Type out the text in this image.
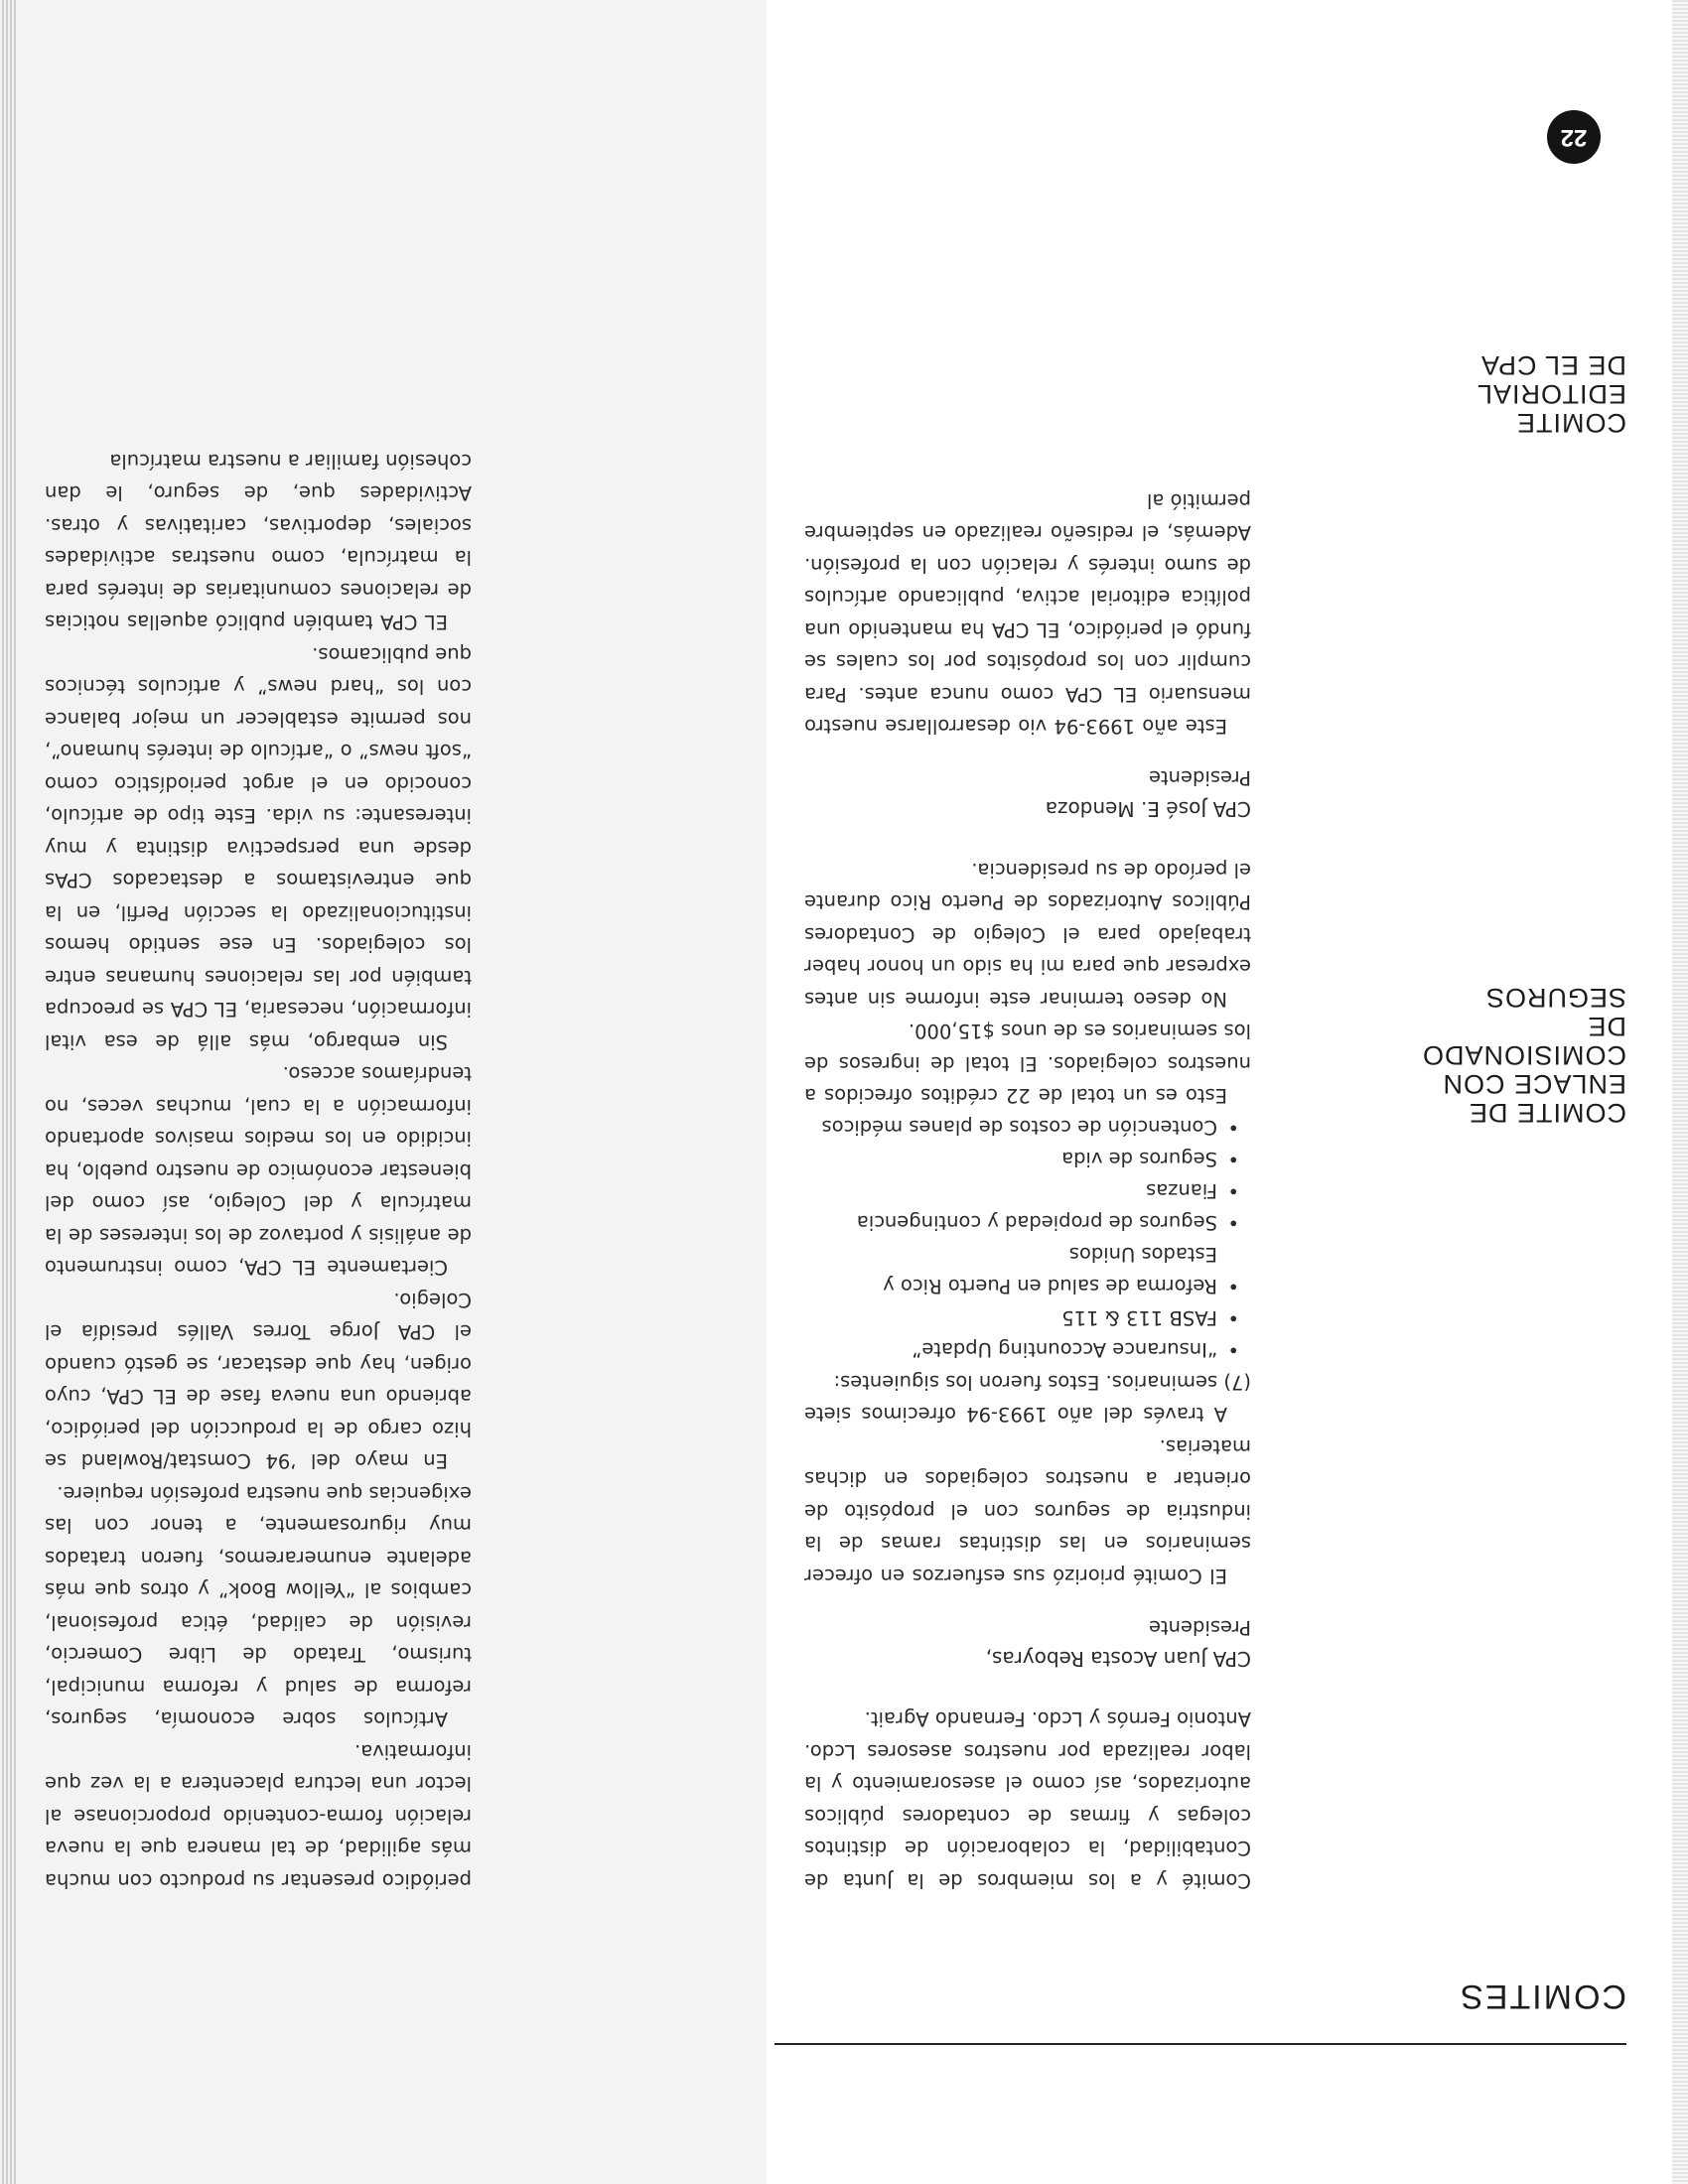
COMITES
COMITE DE
ENLACE CON
COMISIONADO
DE SEGUROS
COMITE
EDITORIAL
DE EL CPA

Comité y a los miembros de la Junta de Contabilidad, la colaboración de distintos colegas y firmas de contadores públicos autorizados, así como el asesoramiento y la labor realizada por nuestros asesores Lcdo. Antonio Fernós y Lcdo. Fernando Agrait.

CPA Juan Acosta Reboyras,
Presidente

El Comité priorizó sus esfuerzos en ofrecer seminarios en las distintas ramas de la industria de seguros con el propósito de orientar a nuestros colegiados en dichas materias.

A través del año 1993-94 ofrecimos siete (7) seminarios. Estos fueron los siguientes:

• “Insurance Accounting Update”
• FASB 113 & 115
• Reforma de salud en Puerto Rico y Estados Unidos
• Seguros de propiedad y contingencia
• Fianzas
• Seguros de vida
• Contención de costos de planes médicos

Esto es un total de 22 créditos ofrecidos a nuestros colegiados. El total de ingresos de los seminarios es de unos $15,000.

No deseo terminar este informe sin antes expresar que para mi ha sido un honor haber trabajado para el Colegio de Contadores Públicos Autorizados de Puerto Rico durante el período de su presidencia.

CPA José E. Mendoza
Presidente

Este año 1993-94 vio desarrollarse nuestro mensuario EL CPA como nunca antes. Para cumplir con los propósitos por los cuales se fundó el periódico, EL CPA ha mantenido una política editorial activa, publicando artículos de sumo interés y relación con la profesión. Además, el rediseño realizado en septiembre permitió al

periódico presentar su producto con mucha más agilidad, de tal manera que la nueva relación forma-contenido proporcionase al lector una lectura placentera a la vez que informativa.

Artículos sobre economía, seguros, reforma de salud y reforma municipal, turismo, Tratado de Libre Comercio, revisión de calidad, ética profesional, cambios al “Yellow Book” y otros que más adelante enumeraremos, fueron tratados muy rigurosamente, a tenor con las exigencias que nuestra profesión requiere.

En mayo del ’94 Comstat/Rowland se hizo cargo de la producción del periódico, abriendo una nueva fase de EL CPA, cuyo origen, hay que destacar, se gestó cuando el CPA Jorge Torres Vallés presidía el Colegio.

Ciertamente EL CPA, como instrumento de análisis y portavoz de los intereses de la matrícula y del Colegio, así como del bienestar económico de nuestro pueblo, ha incidido en los medios masivos aportando información a la cual, muchas veces, no tendríamos acceso.

Sin embargo, más allá de esa vital información, necesaria, EL CPA se preocupa también por las relaciones humanas entre los colegiados. En ese sentido hemos institucionalizado la sección Perfil, en la que entrevistamos a destacados CPAs desde una perspectiva distinta y muy interesante: su vida. Este tipo de artículo, conocido en el argot periodístico como “soft news” o “artículo de interés humano”, nos permite establecer un mejor balance con los “hard news” y artículos técnicos que publicamos.

EL CPA también publicó aquellas noticias de relaciones comunitarias de interés para la matrícula, como nuestras actividades sociales, deportivas, caritativas y otras. Actividades que, de seguro, le dan cohesión familiar a nuestra matrícula

22
